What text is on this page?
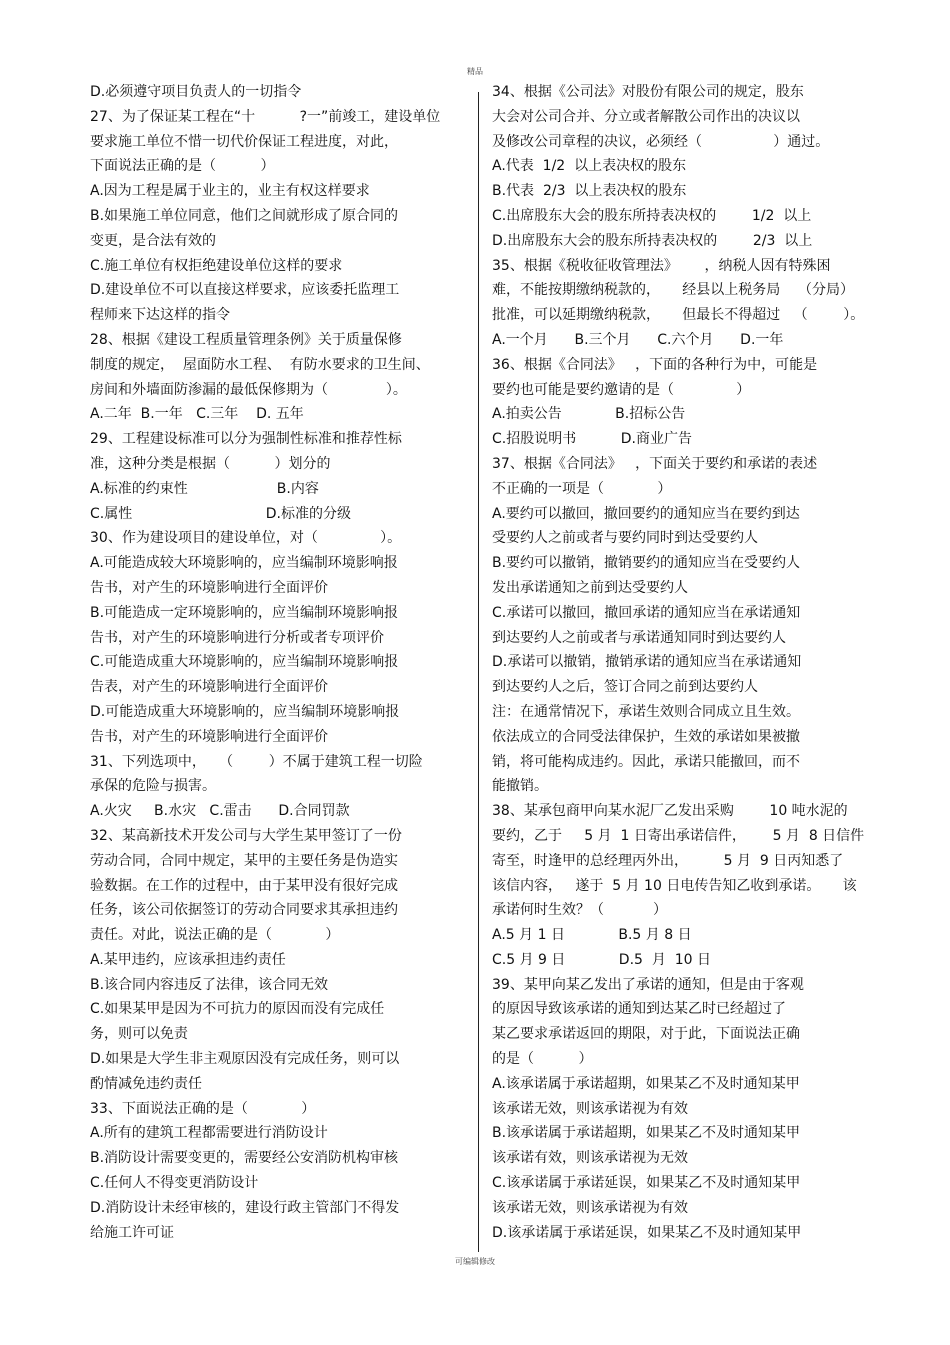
精品
D.必须遵守项目负责人的一切指令
27、为了保证某工程在“十          ?一”前竣工，建设单位
要求施工单位不惜一切代价保证工程进度，对此，
下面说法正确的是（          ）
A.因为工程是属于业主的，业主有权这样要求
B.如果施工单位同意，他们之间就形成了原合同的
变更，是合法有效的
C.施工单位有权拒绝建设单位这样的要求
D.建设单位不可以直接这样要求，应该委托监理工
程师来下达这样的指令
28、根据《建设工程质量管理条例》关于质量保修
制度的规定，  屋面防水工程、  有防水要求的卫生间、
房间和外墙面防渗漏的最低保修期为（             ）。
A.二年  B.一年   C.三年    D. 五年
29、工程建设标准可以分为强制性标准和推荐性标
准，这种分类是根据（          ）划分的
A.标准的约束性                    B.内容
C.属性                              D.标准的分级
30、作为建设项目的建设单位，对（              ）。
A.可能造成较大环境影响的，应当编制环境影响报
告书，对产生的环境影响进行全面评价
B.可能造成一定环境影响的，应当编制环境影响报
告书，对产生的环境影响进行分析或者专项评价
C.可能造成重大环境影响的，应当编制环境影响报
告表，对产生的环境影响进行全面评价
D.可能造成重大环境影响的，应当编制环境影响报
告书，对产生的环境影响进行全面评价
31、下列选项中，   （        ）不属于建筑工程一切险
承保的危险与损害。
A.火灾     B.水灾   C.雷击      D.合同罚款
32、某高新技术开发公司与大学生某甲签订了一份
劳动合同，合同中规定，某甲的主要任务是伪造实
验数据。在工作的过程中，由于某甲没有很好完成
任务，该公司依据签订的劳动合同要求其承担违约
责任。对此，说法正确的是（            ）
A.某甲违约，应该承担违约责任
B.该合同内容违反了法律，该合同无效
C.如果某甲是因为不可抗力的原因而没有完成任
务，则可以免责
D.如果是大学生非主观原因没有完成任务，则可以
酌情减免违约责任
33、下面说法正确的是（            ）
A.所有的建筑工程都需要进行消防设计
B.消防设计需要变更的，需要经公安消防机构审核
C.任何人不得变更消防设计
D.消防设计未经审核的，建设行政主管部门不得发
给施工许可证
34、根据《公司法》对股份有限公司的规定，股东
大会对公司合并、分立或者解散公司作出的决议以
及修改公司章程的决议，必须经（                ）通过。
A.代表  1/2  以上表决权的股东
B.代表  2/3  以上表决权的股东
C.出席股东大会的股东所持表决权的        1/2  以上
D.出席股东大会的股东所持表决权的        2/3  以上
35、根据《税收征收管理法》      ，纳税人因有特殊困
难，不能按期缴纳税款的，     经县以上税务局    （分局）
批准，可以延期缴纳税款，     但最长不得超过   （        ）。
A.一个月      B.三个月      C.六个月      D.一年
36、根据《合同法》   ，下面的各种行为中，可能是
要约也可能是要约邀请的是（              ）
A.拍卖公告            B.招标公告
C.招股说明书          D.商业广告
37、根据《合同法》   ，下面关于要约和承诺的表述
不正确的一项是（            ）
A.要约可以撤回，撤回要约的通知应当在要约到达
受要约人之前或者与要约同时到达受要约人
B.要约可以撤销，撤销要约的通知应当在受要约人
发出承诺通知之前到达受要约人
C.承诺可以撤回，撤回承诺的通知应当在承诺通知
到达要约人之前或者与承诺通知同时到达要约人
D.承诺可以撤销，撤销承诺的通知应当在承诺通知
到达要约人之后，签订合同之前到达要约人
注：在通常情况下，承诺生效则合同成立且生效。
依法成立的合同受法律保护，生效的承诺如果被撤
销，将可能构成违约。因此，承诺只能撤回，而不
能撤销。
38、某承包商甲向某水泥厂乙发出采购        10 吨水泥的
要约，乙于     5 月  1 日寄出承诺信件，      5 月  8 日信件
寄至，时逢甲的总经理丙外出，        5 月  9 日丙知悉了
该信内容，   遂于  5 月 10 日电传告知乙收到承诺。     该
承诺何时生效？（           ）
A.5 月 1 日            B.5 月 8 日
C.5 月 9 日            D.5  月  10 日
39、某甲向某乙发出了承诺的通知，但是由于客观
的原因导致该承诺的通知到达某乙时已经超过了
某乙要求承诺返回的期限，对于此，下面说法正确
的是（          ）
A.该承诺属于承诺超期，如果某乙不及时通知某甲
该承诺无效，则该承诺视为有效
B.该承诺属于承诺超期，如果某乙不及时通知某甲
该承诺有效，则该承诺视为无效
C.该承诺属于承诺延误，如果某乙不及时通知某甲
该承诺无效，则该承诺视为有效
D.该承诺属于承诺延误，如果某乙不及时通知某甲
可编辑修改
